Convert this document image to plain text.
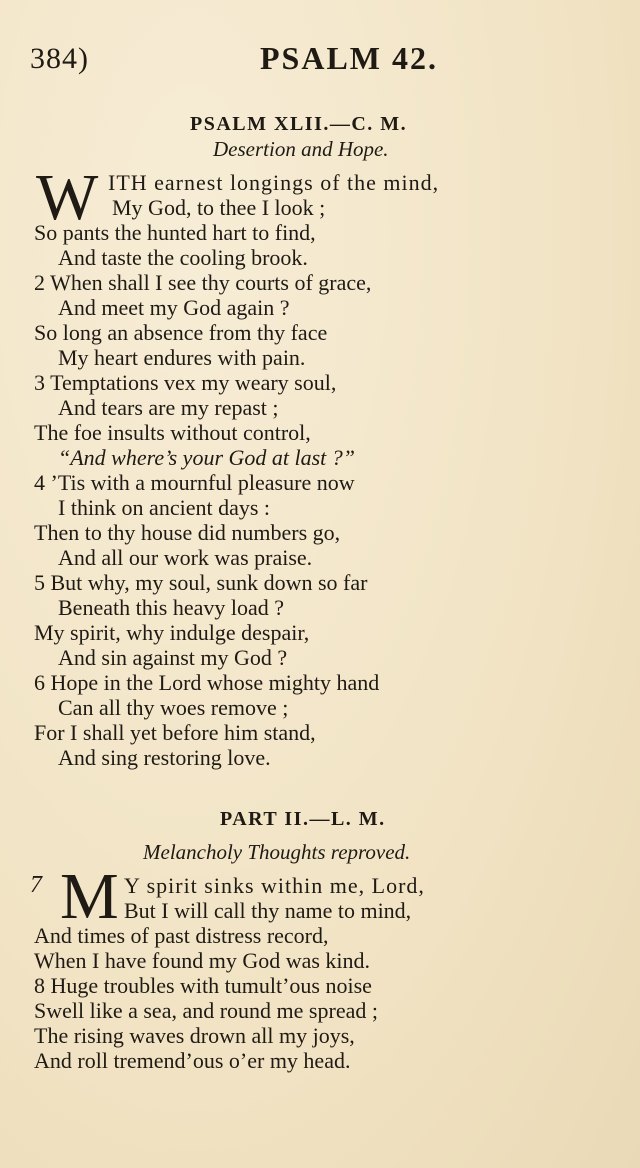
384)	PSALM 42.
PSALM XLII.—C. M.
Desertion and Hope.
W ITH earnest longings of the mind,
My God, to thee I look ;
So pants the hunted hart to find,
And taste the cooling brook.
2 When shall I see thy courts of grace,
And meet my God again ?
So long an absence from thy face
My heart endures with pain.
3 Temptations vex my weary soul,
And tears are my repast ;
The foe insults without control,
“And where’s your God at last ?”
4 ’Tis with a mournful pleasure now
I think on ancient days :
Then to thy house did numbers go,
And all our work was praise.
5 But why, my soul, sunk down so far
Beneath this heavy load ?
My spirit, why indulge despair,
And sin against my God ?
6 Hope in the Lord whose mighty hand
Can all thy woes remove ;
For I shall yet before him stand,
And sing restoring love.
PART II.—L. M.
Melancholy Thoughts reproved.
7 M Y spirit sinks within me, Lord,
But I will call thy name to mind,
And times of past distress record,
When I have found my God was kind.
8 Huge troubles with tumult’ous noise
Swell like a sea, and round me spread ;
The rising waves drown all my joys,
And roll tremend’ous o’er my head.
